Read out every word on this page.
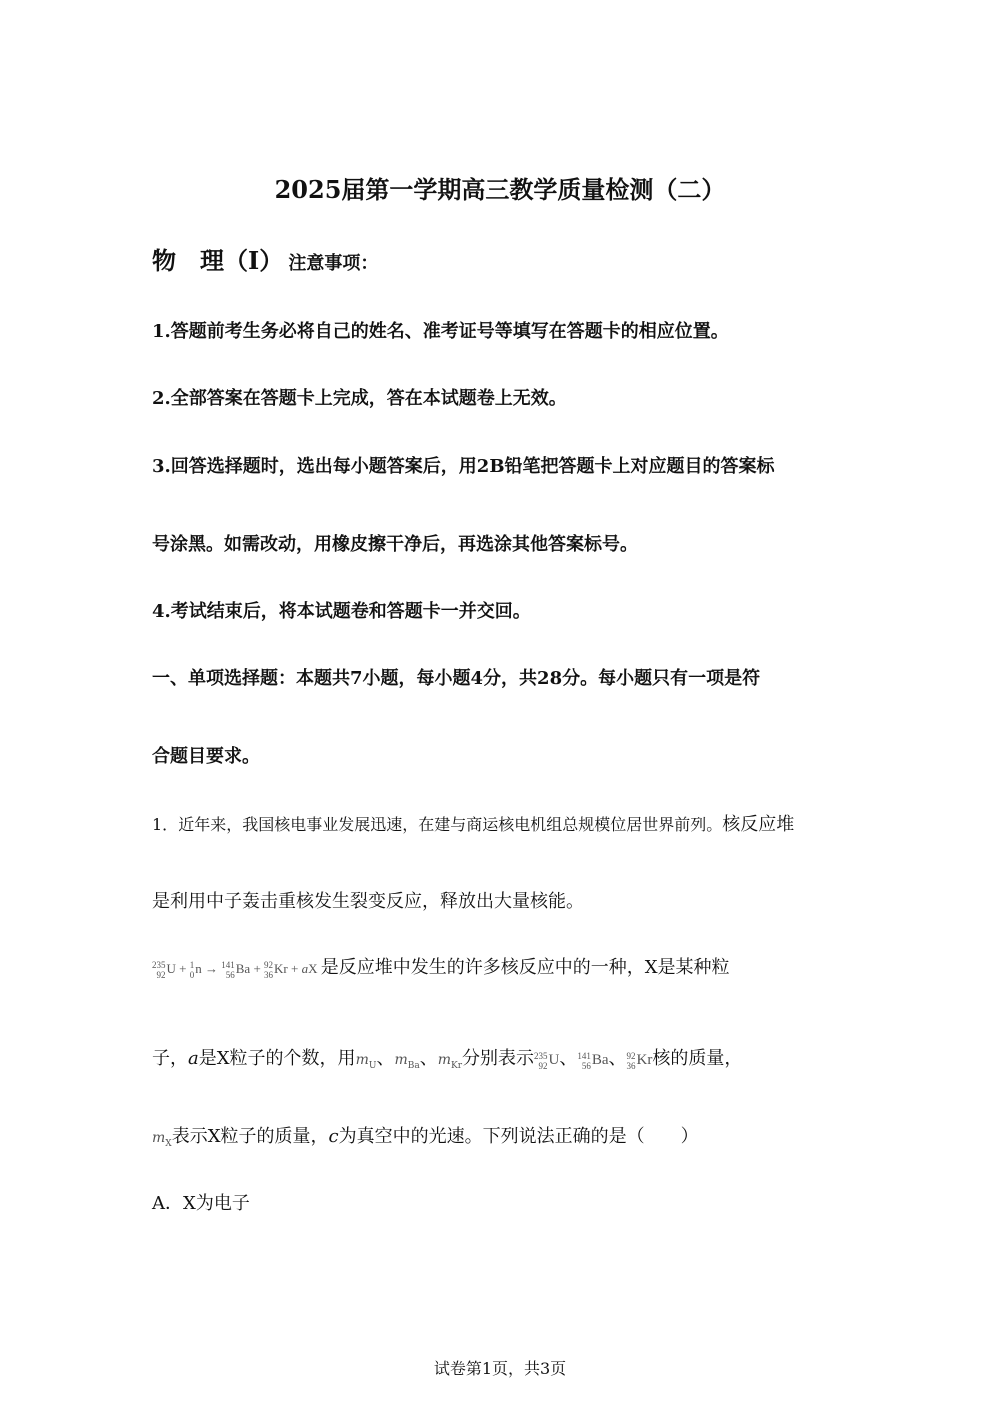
2025届第一学期高三教学质量检测（二）
物　理（I） 注意事项：
1.答题前考生务必将自己的姓名、准考证号等填写在答题卡的相应位置。
2.全部答案在答题卡上完成，答在本试题卷上无效。
3.回答选择题时，选出每小题答案后，用2B铅笔把答题卡上对应题目的答案标
号涂黑。如需改动，用橡皮擦干净后，再选涂其他答案标号。
4.考试结束后，将本试题卷和答题卡一并交回。
一、单项选择题：本题共7小题，每小题4分，共28分。每小题只有一项是符
合题目要求。
1．近年来，我国核电事业发展迅速，在建与商运核电机组总规模位居世界前列。核反应堆
是利用中子轰击重核发生裂变反应，释放出大量核能。
235
92 U + 1
0 n → 141
56 Ba + 92
36 Kr + aX 是反应堆中发生的许多核反应中的一种，X是某种粒
子，a是X粒子的个数，用$m_U$、$m_{Ba}$、$m_{Kr}$分别表示 235
92 U、 141
56 Ba、 92
36 Kr核的质量，
$m_X$表示X粒子的质量，c为真空中的光速。下列说法正确的是（　　）
A．X为电子
试卷第1页，共3页
